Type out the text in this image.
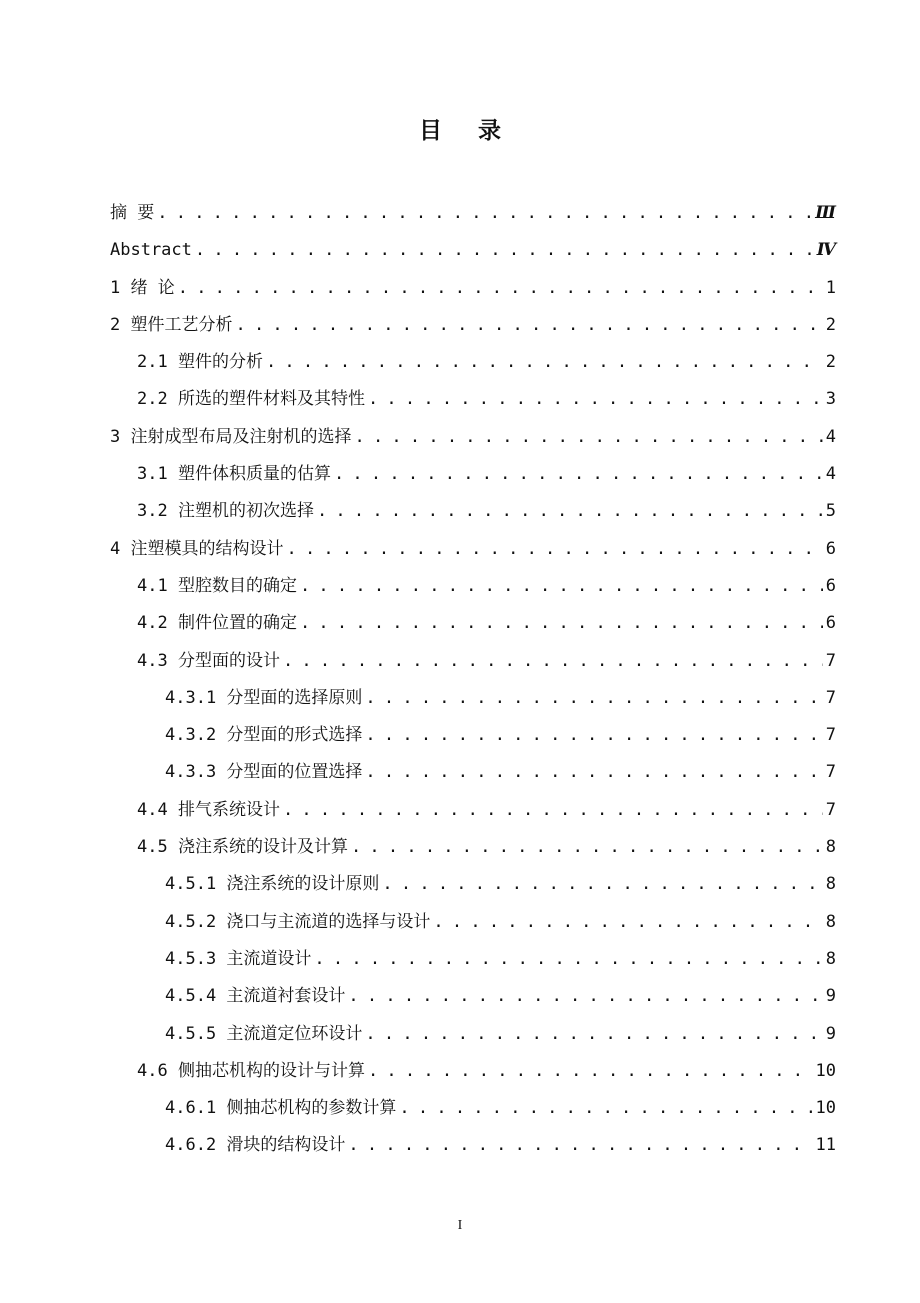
目 录
摘 要 . . .	Ⅲ
Abstract . . .	Ⅳ
1 绪 论 . . .	1
2 塑件工艺分析 . . .	2
2.1 塑件的分析 . . .	2
2.2 所选的塑件材料及其特性 . . .	3
3 注射成型布局及注射机的选择 . . .	4
3.1 塑件体积质量的估算 . . .	4
3.2 注塑机的初次选择 . . .	5
4 注塑模具的结构设计 . . .	6
4.1 型腔数目的确定 . . .	6
4.2 制件位置的确定 . . .	6
4.3 分型面的设计 . . .	7
4.3.1 分型面的选择原则 . . .	7
4.3.2 分型面的形式选择 . . .	7
4.3.3 分型面的位置选择 . . .	7
4.4 排气系统设计 . . .	7
4.5 浇注系统的设计及计算 . . .	8
4.5.1 浇注系统的设计原则 . . .	8
4.5.2 浇口与主流道的选择与设计 . . .	8
4.5.3 主流道设计 . . .	8
4.5.4 主流道衬套设计 . . .	9
4.5.5 主流道定位环设计 . . .	9
4.6 侧抽芯机构的设计与计算 . . .	10
4.6.1 侧抽芯机构的参数计算 . . .	10
4.6.2 滑块的结构设计 . . .	11
I
